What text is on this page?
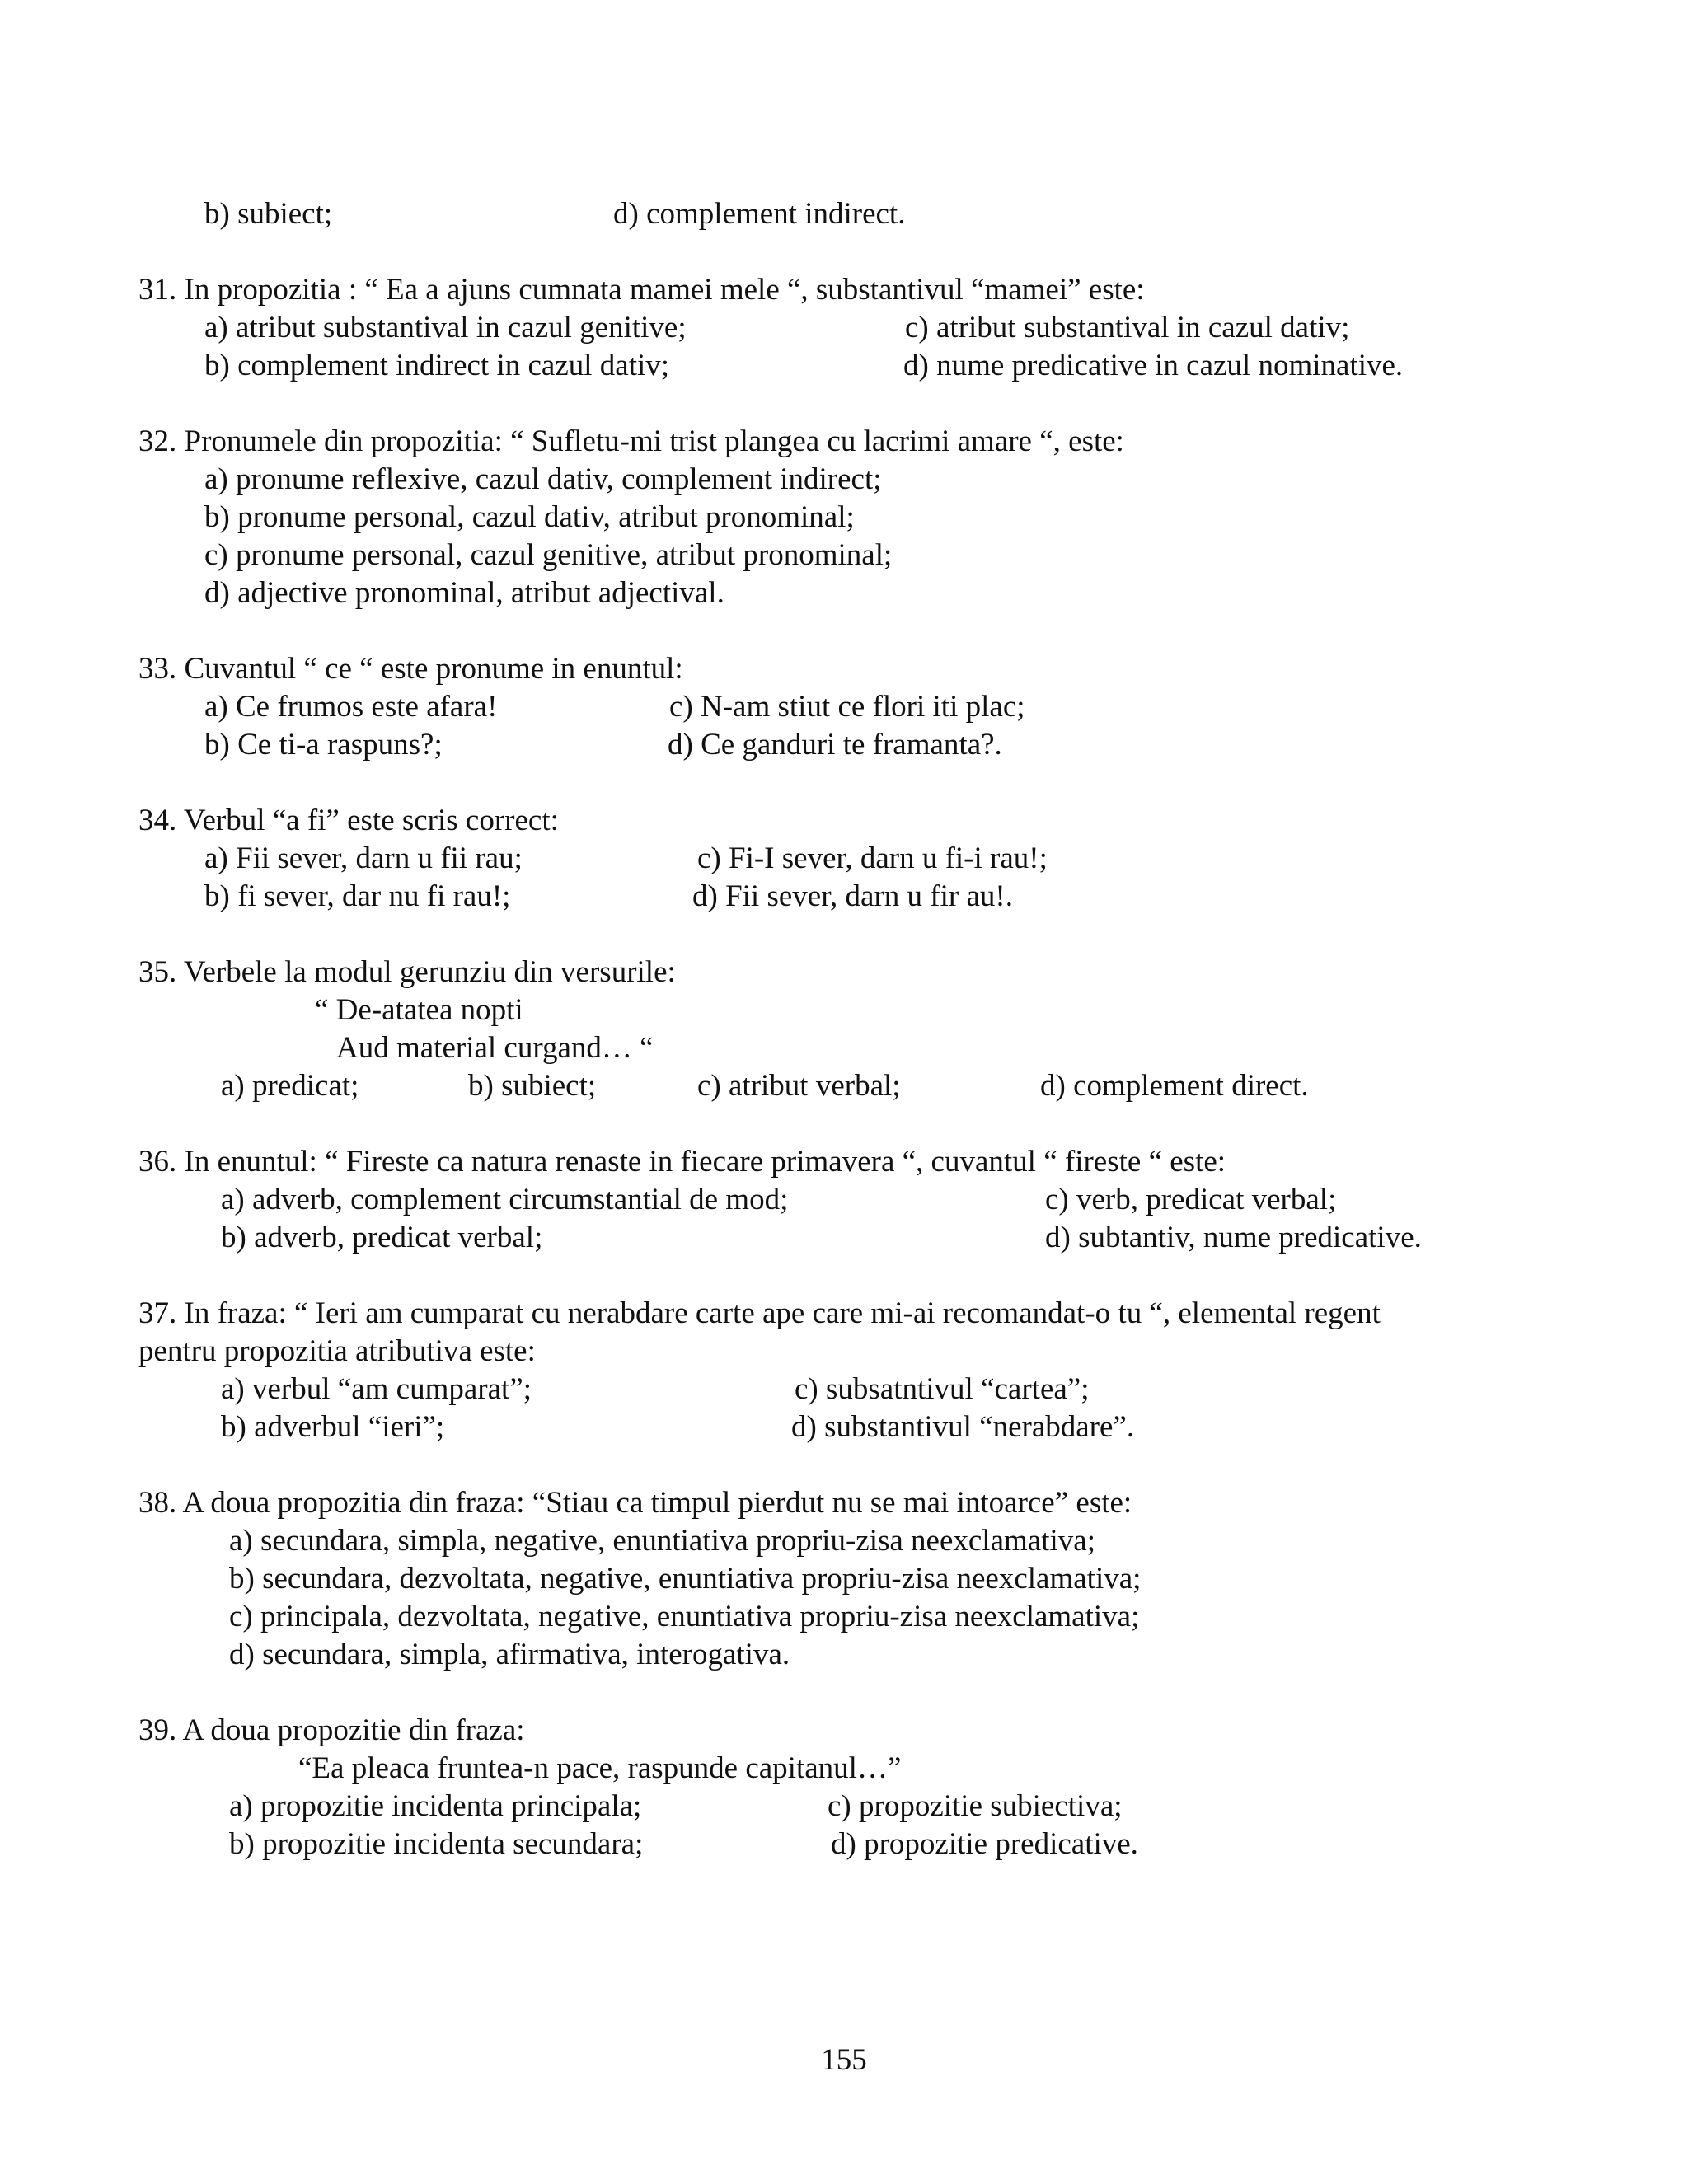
b) subiect;	d) complement indirect.
31. In propozitia : “ Ea a ajuns cumnata mamei mele “, substantivul “mamei” este:
a) atribut substantival in cazul genitive;	c) atribut substantival in cazul dativ;
b) complement indirect in cazul dativ;	d) nume predicative in cazul nominative.
32. Pronumele din propozitia: “ Sufletu-mi trist plangea cu lacrimi amare “, este:
a) pronume reflexive, cazul dativ, complement indirect;
b) pronume personal, cazul dativ, atribut pronominal;
c) pronume personal, cazul genitive, atribut pronominal;
d) adjective pronominal, atribut adjectival.
33. Cuvantul “ ce “ este pronume in enuntul:
a) Ce frumos este afara!	c) N-am stiut ce flori iti plac;
b) Ce ti-a raspuns?;	d) Ce ganduri te framanta?.
34. Verbul “a fi” este scris correct:
a) Fii sever, darn u fii rau;	c) Fi-I sever, darn u fi-i rau!;
b) fi sever, dar nu fi rau!;	d) Fii sever, darn u fir au!.
35. Verbele la modul gerunziu din versurile:
“ De-atatea nopti
Aud material curgand… “
a) predicat;	b) subiect;	c) atribut verbal;	d) complement direct.
36. In enuntul: “ Fireste ca natura renaste in fiecare primavera “, cuvantul “ fireste “ este:
a) adverb, complement circumstantial de mod;	c) verb, predicat verbal;
b) adverb, predicat verbal;	d) subtantiv, nume predicative.
37. In fraza: “ Ieri am cumparat cu nerabdare carte ape care mi-ai recomandat-o tu “, elemental regent
pentru propozitia atributiva este:
a) verbul “am cumparat”;	c) subsatntivul “cartea”;
b) adverbul “ieri”;	d) substantivul “nerabdare”.
38. A doua propozitia din fraza: “Stiau ca timpul pierdut nu se mai intoarce” este:
a) secundara, simpla, negative, enuntiativa propriu-zisa neexclamativa;
b) secundara, dezvoltata, negative, enuntiativa propriu-zisa neexclamativa;
c) principala, dezvoltata, negative, enuntiativa propriu-zisa neexclamativa;
d) secundara, simpla, afirmativa, interogativa.
39. A doua propozitie din fraza:
“Ea pleaca fruntea-n pace, raspunde capitanul…”
a) propozitie incidenta principala;	c) propozitie subiectiva;
b) propozitie incidenta secundara;	d) propozitie predicative.
155
